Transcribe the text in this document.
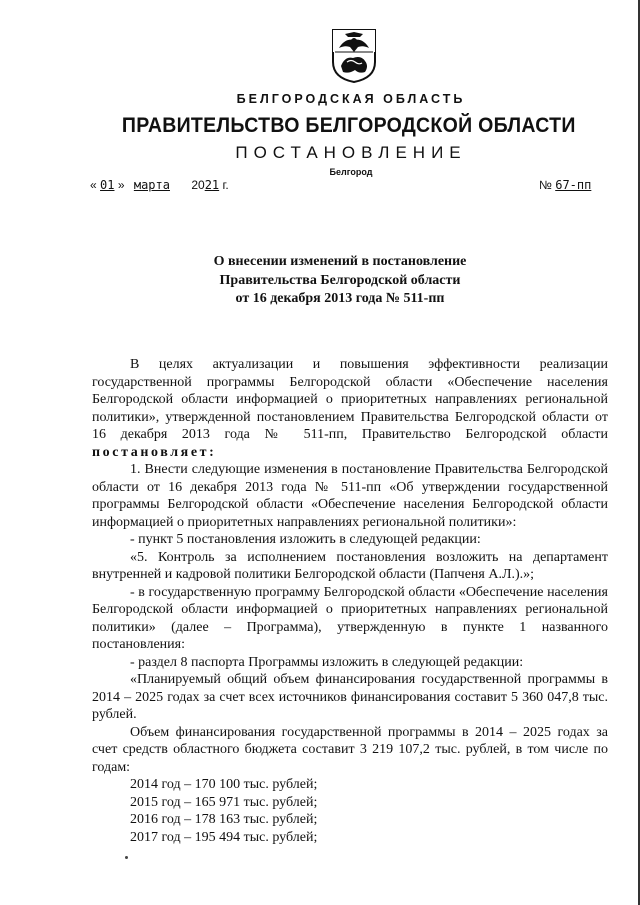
БЕЛГОРОДСКАЯ ОБЛАСТЬ
ПРАВИТЕЛЬСТВО БЕЛГОРОДСКОЙ ОБЛАСТИ
ПОСТАНОВЛЕНИЕ
Белгород
« 01 » марта 2021 г.	№ 67-пп
О внесении изменений в постановление
Правительства Белгородской области
от 16 декабря 2013 года № 511-пп

В целях актуализации и повышения эффективности реализации государственной программы Белгородской области «Обеспечение населения Белгородской области информацией о приоритетных направлениях региональной политики», утвержденной постановлением Правительства Белгородской области от 16 декабря 2013 года № 511-пп, Правительство Белгородской области постановляет:

1. Внести следующие изменения в постановление Правительства Белгородской области от 16 декабря 2013 года № 511-пп «Об утверждении государственной программы Белгородской области «Обеспечение населения Белгородской области информацией о приоритетных направлениях региональной политики»:

- пункт 5 постановления изложить в следующей редакции:

«5. Контроль за исполнением постановления возложить на департамент внутренней и кадровой политики Белгородской области (Папченя А.Л.).»;

- в государственную программу Белгородской области «Обеспечение населения Белгородской области информацией о приоритетных направлениях региональной политики» (далее – Программа), утвержденную в пункте 1 названного постановления:

- раздел 8 паспорта Программы изложить в следующей редакции:

«Планируемый общий объем финансирования государственной программы в 2014 – 2025 годах за счет всех источников финансирования составит 5 360 047,8 тыс. рублей.

Объем финансирования государственной программы в 2014 – 2025 годах за счет средств областного бюджета составит 3 219 107,2 тыс. рублей, в том числе по годам:

2014 год – 170 100 тыс. рублей;
2015 год – 165 971 тыс. рублей;
2016 год – 178 163 тыс. рублей;
2017 год – 195 494 тыс. рублей;
